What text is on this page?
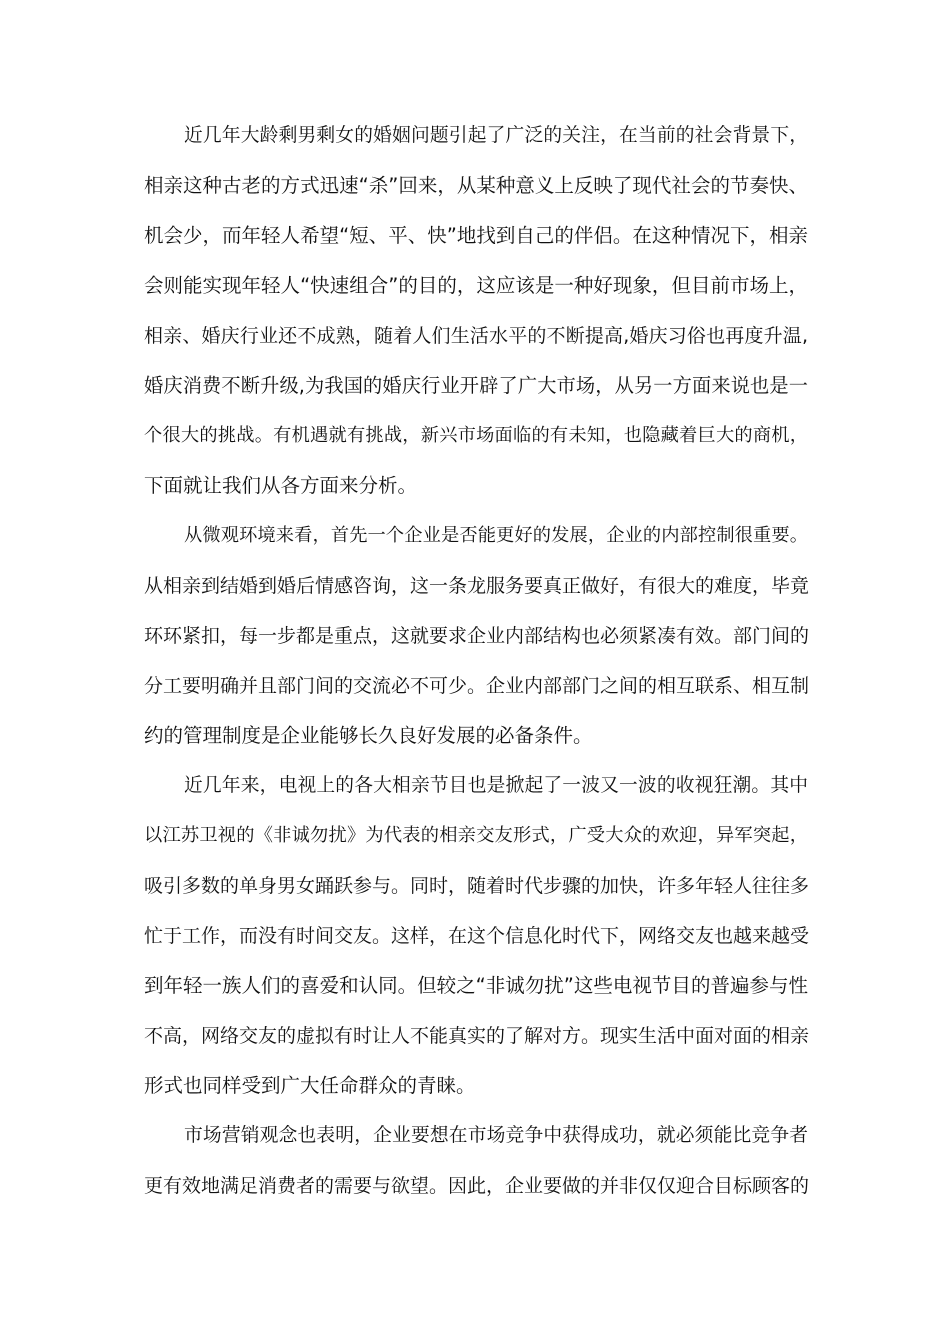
近几年大龄剩男剩女的婚姻问题引起了广泛的关注，在当前的社会背景下，
相亲这种古老的方式迅速“杀”回来，从某种意义上反映了现代社会的节奏快、
机会少，而年轻人希望“短、平、快”地找到自己的伴侣。在这种情况下，相亲
会则能实现年轻人“快速组合”的目的，这应该是一种好现象，但目前市场上，
相亲、婚庆行业还不成熟，随着人们生活水平的不断提高,婚庆习俗也再度升温,
婚庆消费不断升级,为我国的婚庆行业开辟了广大市场，从另一方面来说也是一
个很大的挑战。有机遇就有挑战，新兴市场面临的有未知，也隐藏着巨大的商机，
下面就让我们从各方面来分析。
从微观环境来看，首先一个企业是否能更好的发展，企业的内部控制很重要。
从相亲到结婚到婚后情感咨询，这一条龙服务要真正做好，有很大的难度，毕竟
环环紧扣，每一步都是重点，这就要求企业内部结构也必须紧凑有效。部门间的
分工要明确并且部门间的交流必不可少。企业内部部门之间的相互联系、相互制
约的管理制度是企业能够长久良好发展的必备条件。
近几年来，电视上的各大相亲节目也是掀起了一波又一波的收视狂潮。其中
以江苏卫视的《非诚勿扰》为代表的相亲交友形式，广受大众的欢迎，异军突起，
吸引多数的单身男女踊跃参与。同时，随着时代步骤的加快，许多年轻人往往多
忙于工作，而没有时间交友。这样，在这个信息化时代下，网络交友也越来越受
到年轻一族人们的喜爱和认同。但较之“非诚勿扰”这些电视节目的普遍参与性
不高，网络交友的虚拟有时让人不能真实的了解对方。现实生活中面对面的相亲
形式也同样受到广大任命群众的青睐。
市场营销观念也表明，企业要想在市场竞争中获得成功，就必须能比竞争者
更有效地满足消费者的需要与欲望。因此，企业要做的并非仅仅迎合目标顾客的
